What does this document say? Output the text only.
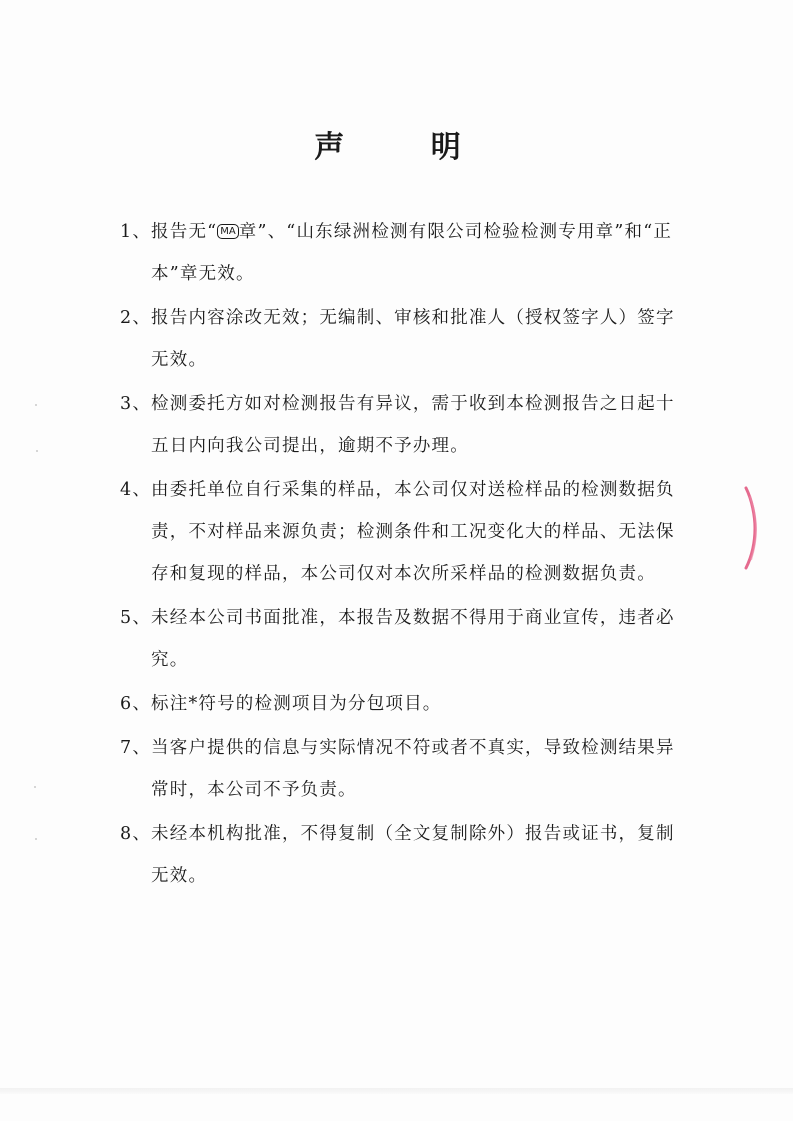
声 明
1、 报告无“ MA 章”、“山东绿洲检测有限公司检验检测专用章”和“正本”章无效。
2、 报告内容涂改无效；无编制、审核和批准人（授权签字人）签字无效。
3、 检测委托方如对检测报告有异议，需于收到本检测报告之日起十五日内向我公司提出，逾期不予办理。
4、 由委托单位自行采集的样品，本公司仅对送检样品的检测数据负责，不对样品来源负责；检测条件和工况变化大的样品、无法保存和复现的样品，本公司仅对本次所采样品的检测数据负责。
5、 未经本公司书面批准，本报告及数据不得用于商业宣传，违者必究。
6、 标注*符号的检测项目为分包项目。
7、 当客户提供的信息与实际情况不符或者不真实，导致检测结果异常时，本公司不予负责。
8、 未经本机构批准，不得复制（全文复制除外）报告或证书，复制无效。
